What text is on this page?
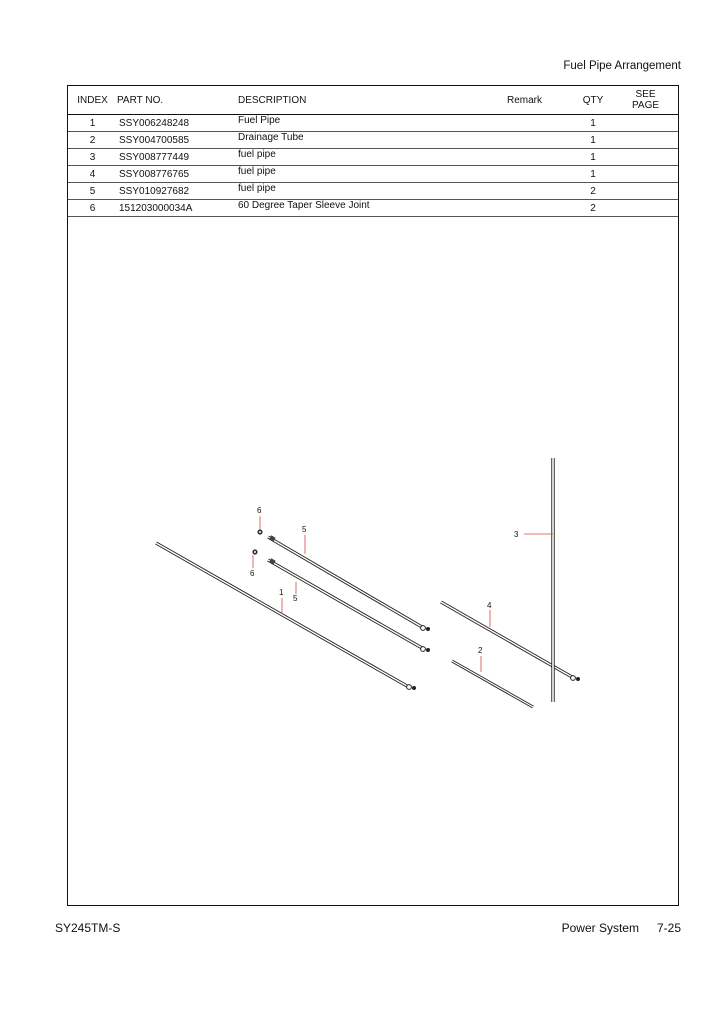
Fuel Pipe Arrangement
INDEX	PART NO.	DESCRIPTION	Remark	QTY	SEE
PAGE

1	SSY006248248	Fuel Pipe		1	
2	SSY004700585	Drainage Tube		1	
3	SSY008777449	fuel pipe		1	
4	SSY008776765	fuel pipe		1	
5	SSY010927682	fuel pipe		2	
6	151203000034A	60 Degree Taper Sleeve Joint		2	
1
2
3
4
5
5
6
6
SY245TM-S	Power System 7-25
